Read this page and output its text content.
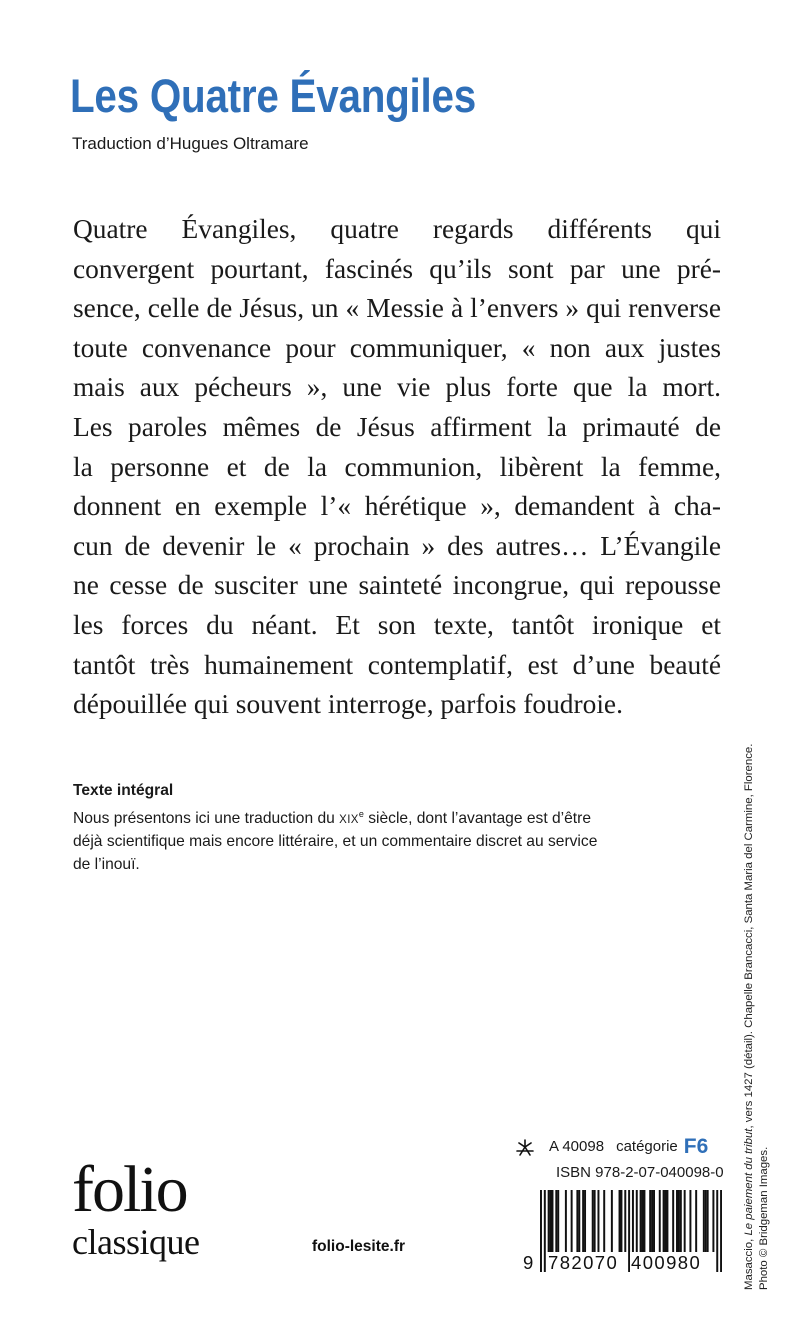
Les Quatre Évangiles
Traduction d’Hugues Oltramare
Quatre Évangiles, quatre regards différents qui
convergent pourtant, fascinés qu’ils sont par une pré-
sence, celle de Jésus, un « Messie à l’envers » qui renverse
toute convenance pour communiquer, « non aux justes
mais aux pécheurs », une vie plus forte que la mort.
Les paroles mêmes de Jésus affirment la primauté de
la personne et de la communion, libèrent la femme,
donnent en exemple l’« hérétique », demandent à cha-
cun de devenir le « prochain » des autres… L’Évangile
ne cesse de susciter une sainteté incongrue, qui repousse
les forces du néant. Et son texte, tantôt ironique et
tantôt très humainement contemplatif, est d’une beauté
dépouillée qui souvent interroge, parfois foudroie.
Texte intégral
Nous présentons ici une traduction du XIXe siècle, dont l’avantage est d’être
déjà scientifique mais encore littéraire, et un commentaire discret au service
de l’inouï.
Masaccio, Le paiement du tribut, vers 1427 (détail). Chapelle Brancacci, Santa Maria del Carmine, Florence.
Photo © Bridgeman Images.
folio
classique	folio-lesite.fr
A 40098 catégorie F6
ISBN 978-2-07-040098-0
9 782070 400980
